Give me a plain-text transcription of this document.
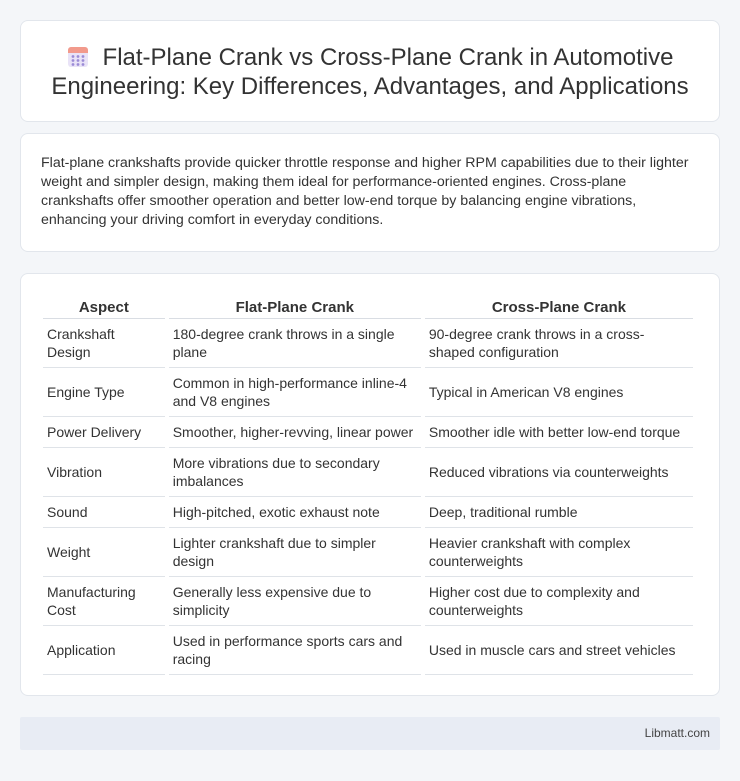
Flat-Plane Crank vs Cross-Plane Crank in Automotive Engineering: Key Differences, Advantages, and Applications

Flat-plane crankshafts provide quicker throttle response and higher RPM capabilities due to their lighter weight and simpler design, making them ideal for performance-oriented engines. Cross-plane crankshafts offer smoother operation and better low-end torque by balancing engine vibrations, enhancing your driving comfort in everyday conditions.

Aspect	Flat-Plane Crank	Cross-Plane Crank
Crankshaft Design	180-degree crank throws in a single plane	90-degree crank throws in a cross-shaped configuration
Engine Type	Common in high-performance inline-4 and V8 engines	Typical in American V8 engines
Power Delivery	Smoother, higher-revving, linear power	Smoother idle with better low-end torque
Vibration	More vibrations due to secondary imbalances	Reduced vibrations via counterweights
Sound	High-pitched, exotic exhaust note	Deep, traditional rumble
Weight	Lighter crankshaft due to simpler design	Heavier crankshaft with complex counterweights
Manufacturing Cost	Generally less expensive due to simplicity	Higher cost due to complexity and counterweights
Application	Used in performance sports cars and racing	Used in muscle cars and street vehicles
Libmatt.com
